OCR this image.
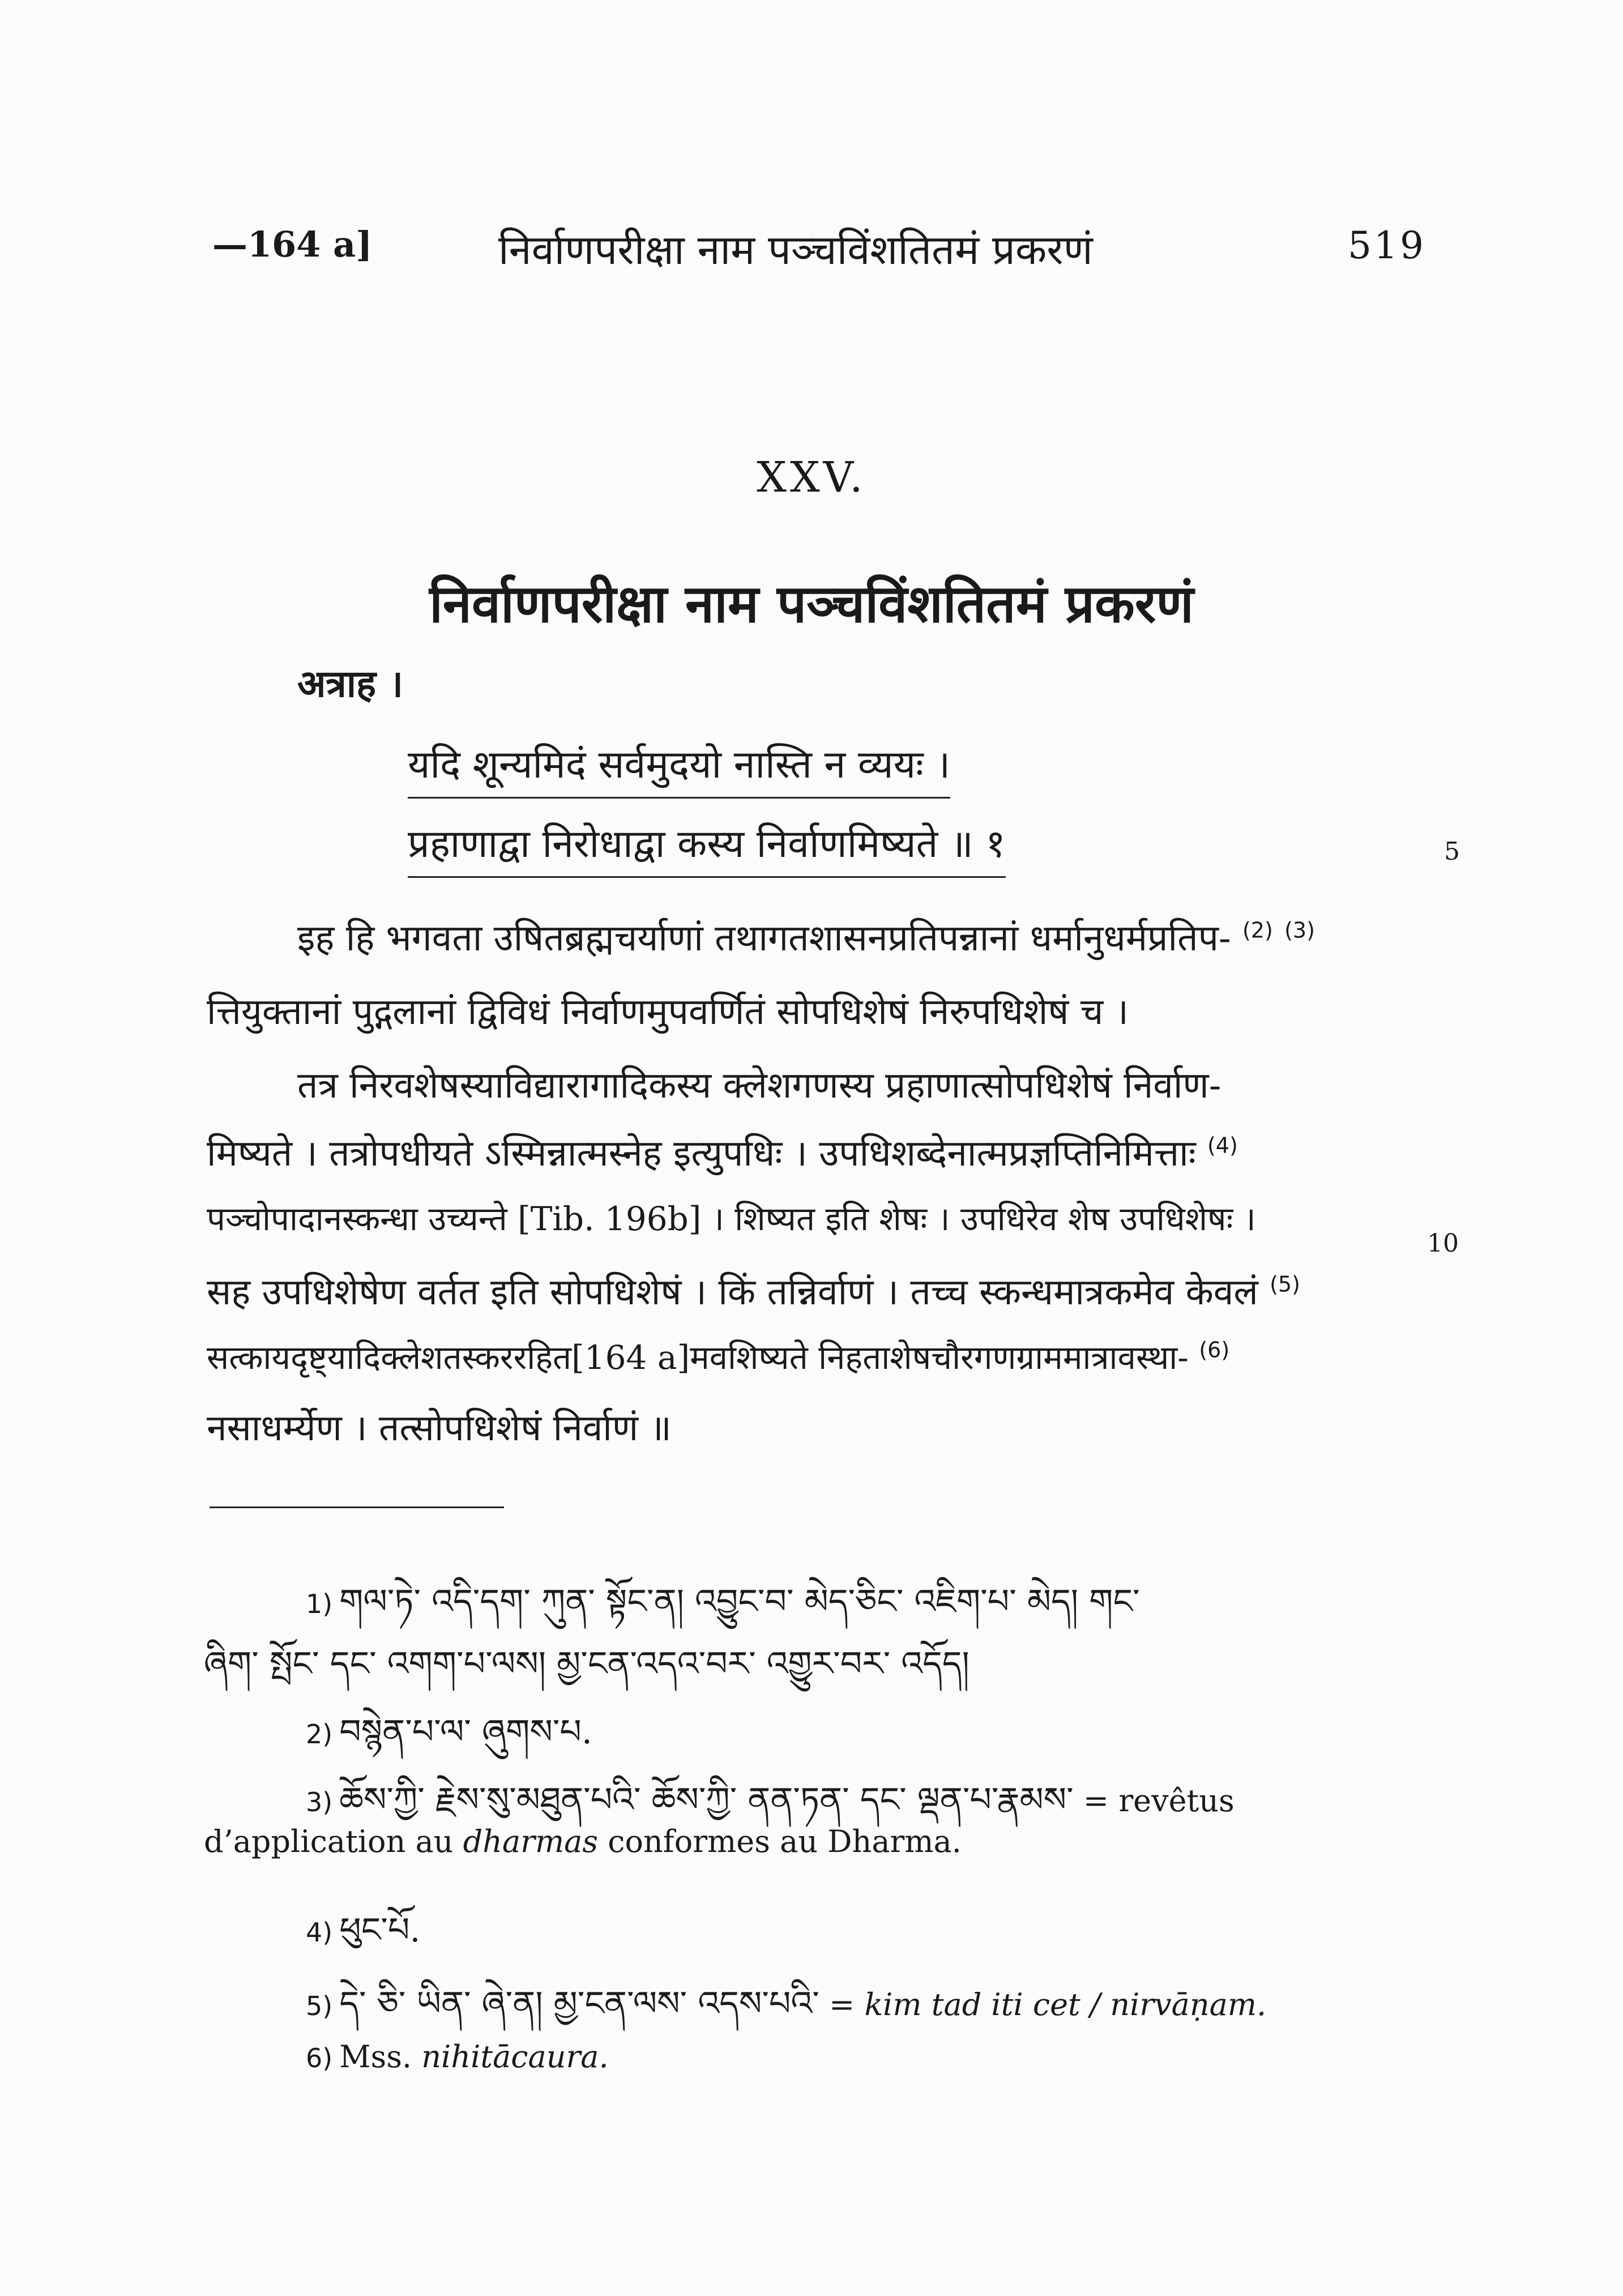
—164 a]	निर्वाणपरीक्षा नाम पञ्चविंशतितमं प्रकरणं	519
XXV.
निर्वाणपरीक्षा नाम पञ्चविंशतितमं प्रकरणं
अत्राह ।
यदि शून्यमिदं सर्वमुदयो नास्ति न व्ययः ।
प्रहाणाद्वा निरोधाद्वा कस्य निर्वाणमिष्यते ॥ १	5
10
इह हि भगवता उषितब्रह्मचर्याणां तथागतशासनप्रतिपन्नानां धर्मानुधर्मप्रतिप- $^{(2)}$ $^{(3)}$
त्तियुक्तानां पुद्गलानां द्विविधं निर्वाणमुपवर्णितं सोपधिशेषं निरुपधिशेषं च ।
तत्र निरवशेषस्याविद्यारागादिकस्य क्लेशगणस्य प्रहाणात्सोपधिशेषं निर्वाण-
मिष्यते । तत्रोपधीयते ऽस्मिन्नात्मस्नेह इत्युपधिः । उपधिशब्देनात्मप्रज्ञप्तिनिमित्ताः $^{(4)}$
पञ्चोपादानस्कन्धा उच्यन्ते [Tib. 196b] । शिष्यत इति शेषः । उपधिरेव शेष उपधिशेषः ।
सह उपधिशेषेण वर्तत इति सोपधिशेषं । किं तन्निर्वाणं । तच्च स्कन्धमात्रकमेव केवलं $^{(5)}$
सत्कायदृष्ट्यादिक्लेशतस्कररहित[164 a]मवशिष्यते निहताशेषचौरगणग्राममात्रावस्था- $^{(6)}$
नसाधर्म्येण । तत्सोपधिशेषं निर्वाणं ॥
1) གལ་ཏེ་ འདི་དག་ ཀུན་ སྟོང་ན། འབྱུང་བ་ མེད་ཅིང་ འཇིག་པ་ མེད། གང་
ཞིག་ སྤོང་ དང་ འགག་པ་ལས། མྱ་ངན་འདའ་བར་ འགྱུར་བར་ འདོད།
2) བསྙེན་པ་ལ་ ཞུགས་པ.
3) ཆོས་ཀྱི་ རྗེས་སུ་མཐུན་པའི་ ཆོས་ཀྱི་ ནན་ཏན་ དང་ ལྡན་པ་རྣམས་ = revêtus
d’application au dharmas conformes au Dharma.
4) ཕུང་པོ.
5) དེ་ ཅི་ ཡིན་ ཞེ་ན། མྱ་ངན་ལས་ འདས་པའི་ = kim tad iti cet / nirvāṇam.
6) Mss. nihitācaura.
